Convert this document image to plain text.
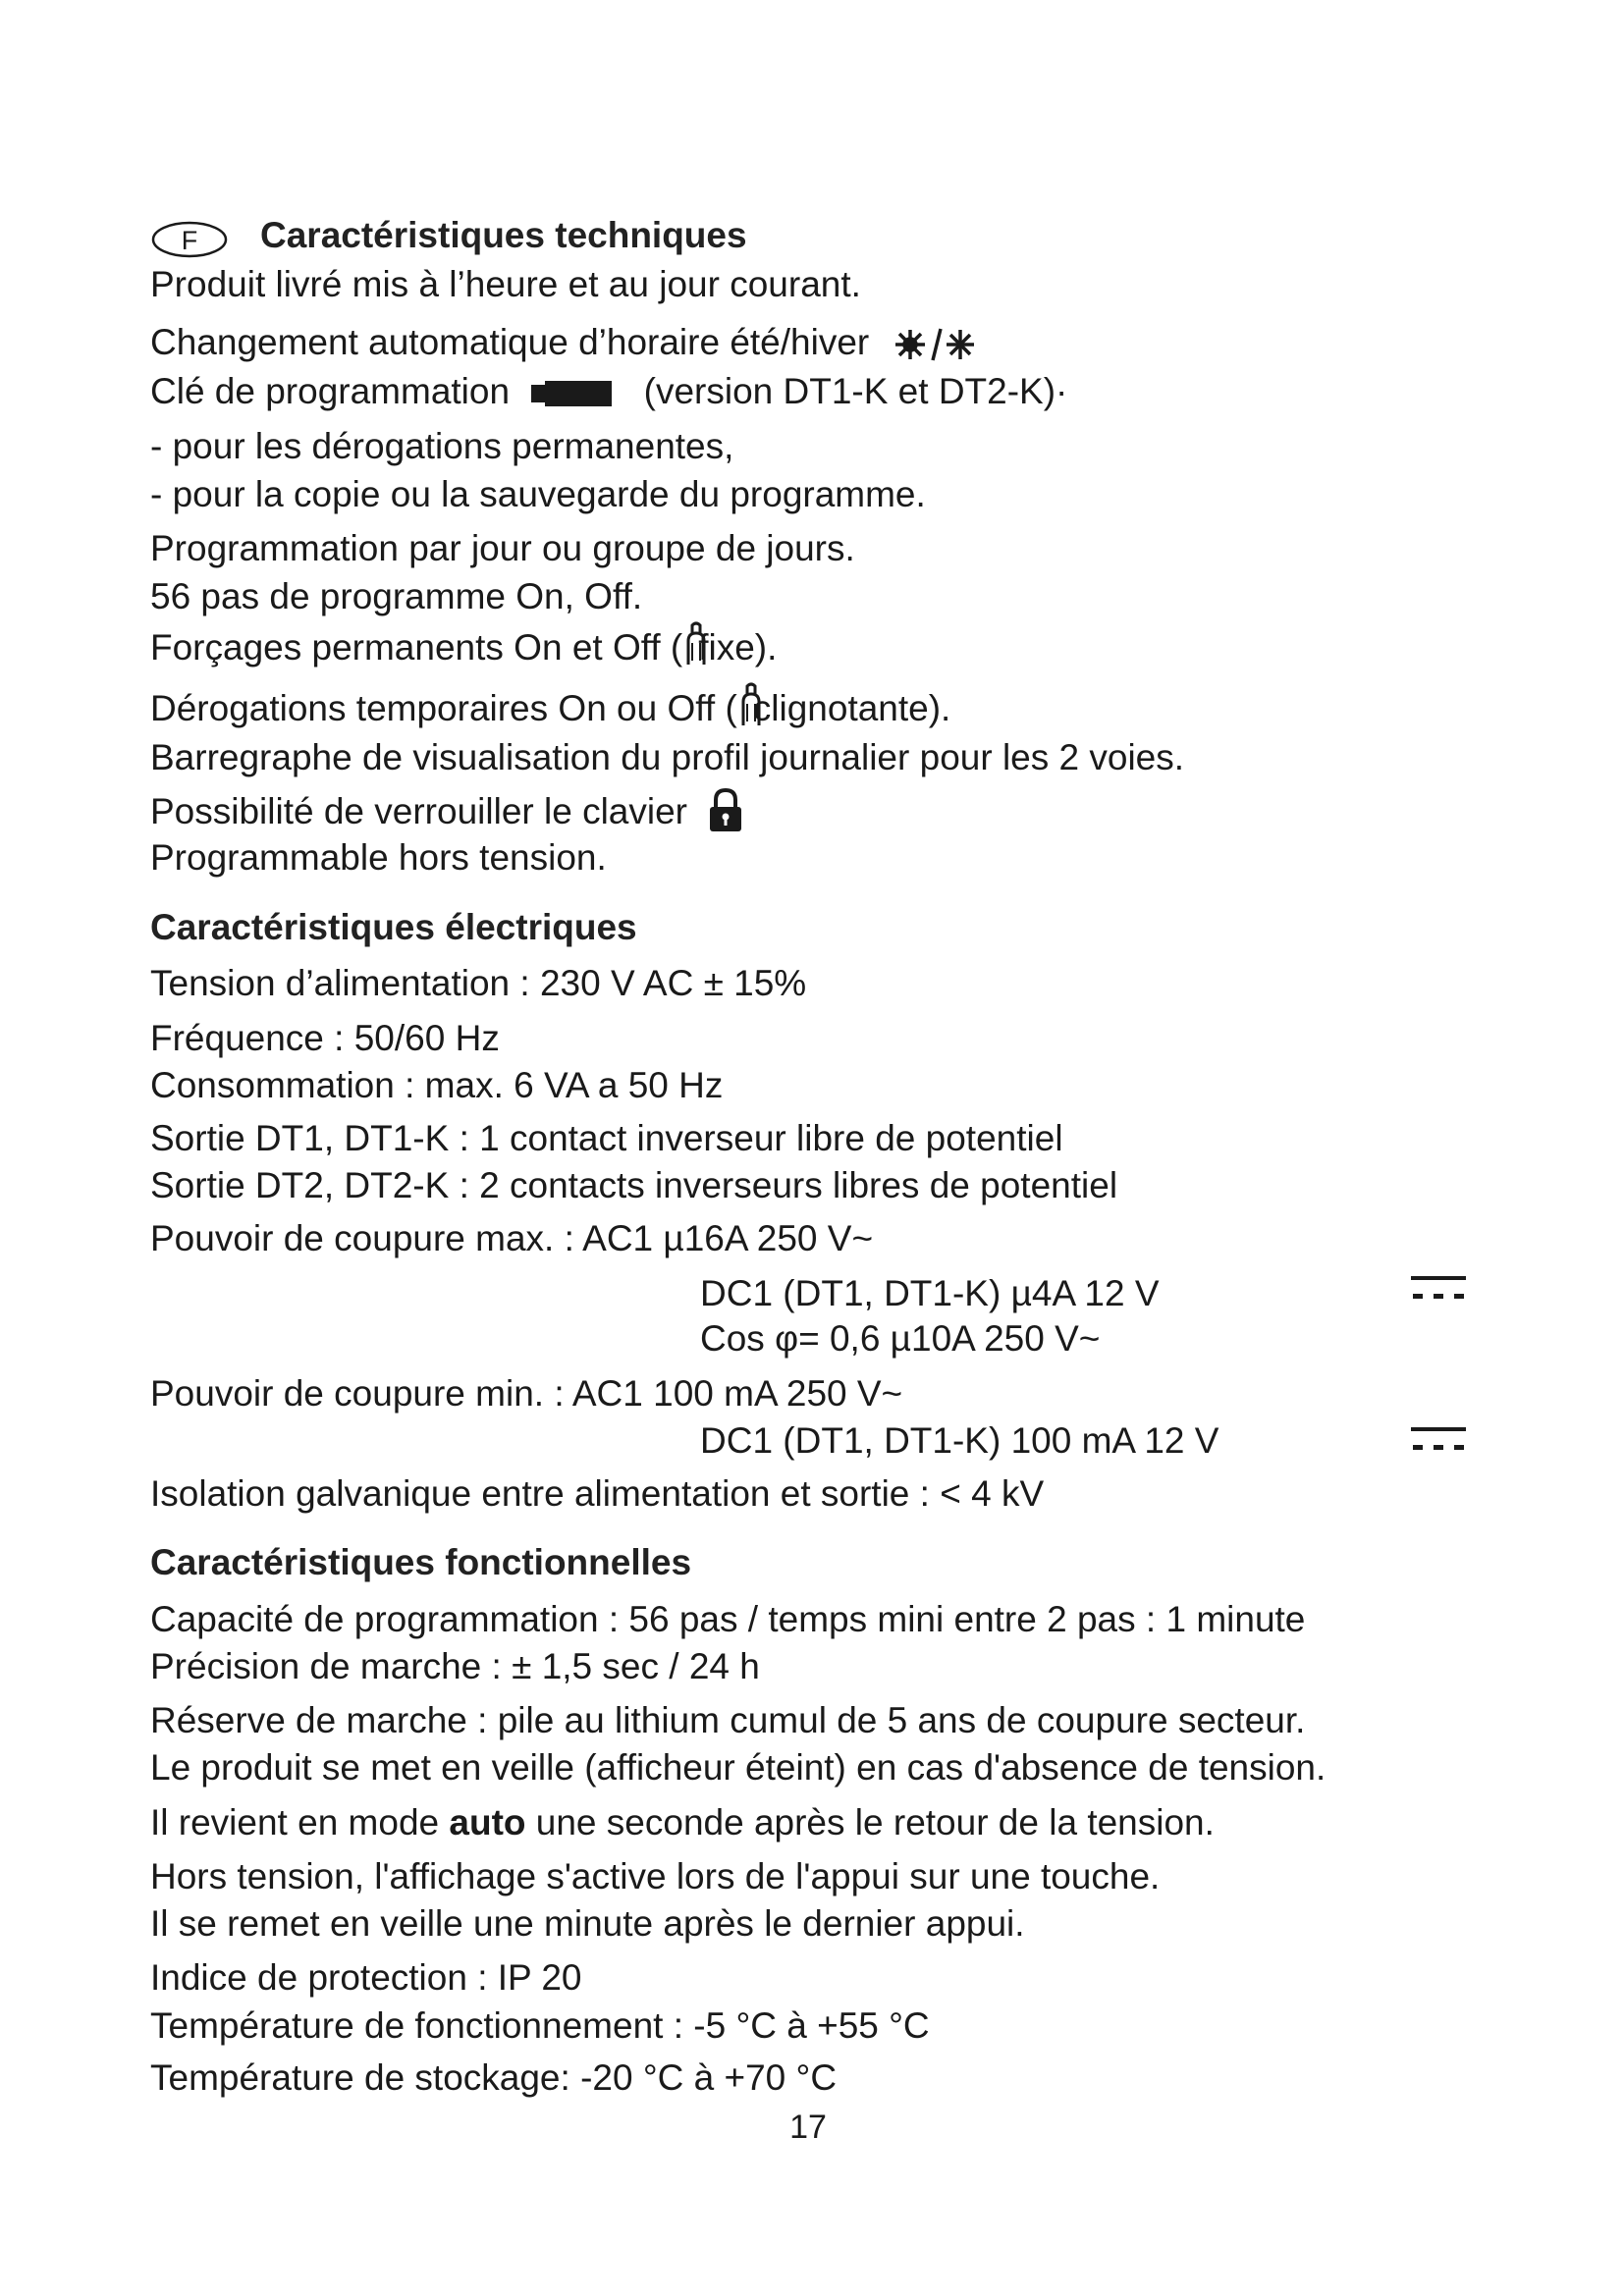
F Caractéristiques techniques
Produit livré mis à l’heure et au jour courant.
Changement automatique d’horaire été/hiver
Clé de programmation	(version DT1-K et DT2-K)·
- pour les dérogations permanentes,
- pour la copie ou la sauvegarde du programme.
Programmation par jour ou groupe de jours.
56 pas de programme On, Off.
Forçages permanents On et Off ( fixe).
Dérogations temporaires On ou Off ( clignotante).
Barregraphe de visualisation du profil journalier pour les 2 voies.
Possibilité de verrouiller le clavier
Programmable hors tension.
Caractéristiques électriques
Tension d’alimentation : 230 V AC ± 15%
Fréquence : 50/60 Hz
Consommation : max. 6 VA a 50 Hz
Sortie DT1, DT1-K : 1 contact inverseur libre de potentiel
Sortie DT2, DT2-K : 2 contacts inverseurs libres de potentiel
Pouvoir de coupure max. : AC1 µ16A 250 V~
DC1 (DT1, DT1-K) µ4A 12 V
Cos φ= 0,6 µ10A 250 V~
Pouvoir de coupure min. : AC1 100 mA 250 V~
DC1 (DT1, DT1-K) 100 mA 12 V
Isolation galvanique entre alimentation et sortie : < 4 kV
Caractéristiques fonctionnelles
Capacité de programmation : 56 pas / temps mini entre 2 pas : 1 minute
Précision de marche : ± 1,5 sec / 24 h
Réserve de marche : pile au lithium cumul de 5 ans de coupure secteur.
Le produit se met en veille (afficheur éteint) en cas d'absence de tension.
Il revient en mode auto une seconde après le retour de la tension.
Hors tension, l'affichage s'active lors de l'appui sur une touche.
Il se remet en veille une minute après le dernier appui.
Indice de protection : IP 20
Température de fonctionnement : -5 °C à +55 °C
Température de stockage: -20 °C à +70 °C
17
